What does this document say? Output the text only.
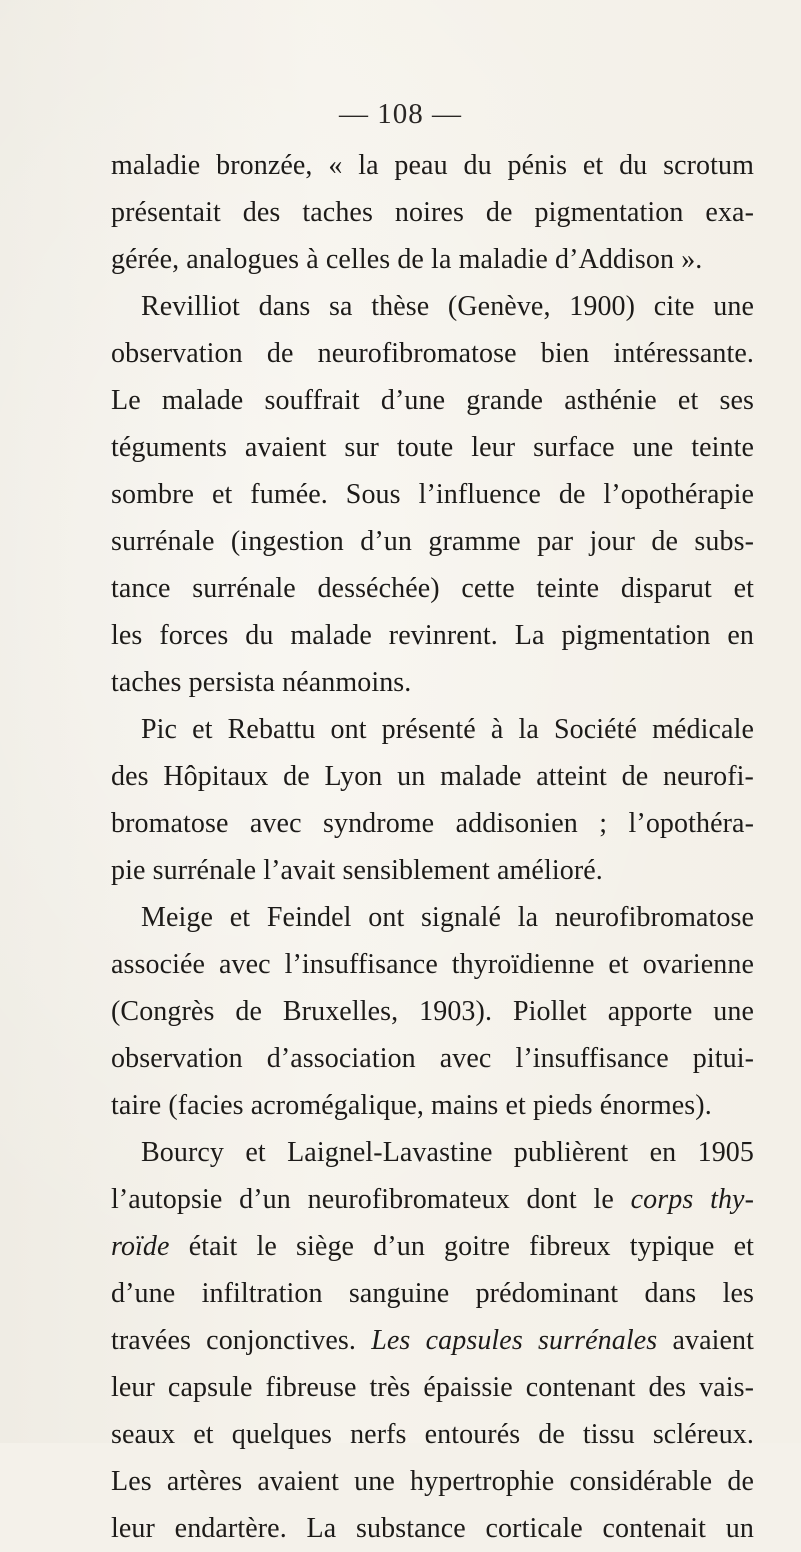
— 108 —
maladie bronzée, « la peau du pénis et du scrotum
présentait des taches noires de pigmentation exa-
gérée, analogues à celles de la maladie d’Addison ».
Revilliot dans sa thèse (Genève, 1900) cite une
observation de neurofibromatose bien intéressante.
Le malade souffrait d’une grande asthénie et ses
téguments avaient sur toute leur surface une teinte
sombre et fumée. Sous l’influence de l’opothérapie
surrénale (ingestion d’un gramme par jour de subs-
tance surrénale desséchée) cette teinte disparut et
les forces du malade revinrent. La pigmentation en
taches persista néanmoins.
Pic et Rebattu ont présenté à la Société médicale
des Hôpitaux de Lyon un malade atteint de neurofi-
bromatose avec syndrome addisonien ; l’opothéra-
pie surrénale l’avait sensiblement amélioré.
Meige et Feindel ont signalé la neurofibromatose
associée avec l’insuffisance thyroïdienne et ovarienne
(Congrès de Bruxelles, 1903). Piollet apporte une
observation d’association avec l’insuffisance pitui-
taire (facies acromégalique, mains et pieds énormes).
Bourcy et Laignel-Lavastine publièrent en 1905
l’autopsie d’un neurofibromateux dont le corps thy-
roïde était le siège d’un goitre fibreux typique et
d’une infiltration sanguine prédominant dans les
travées conjonctives. Les capsules surrénales avaient
leur capsule fibreuse très épaissie contenant des vais-
seaux et quelques nerfs entourés de tissu scléreux.
Les artères avaient une hypertrophie considérable de
leur endartère. La substance corticale contenait un
